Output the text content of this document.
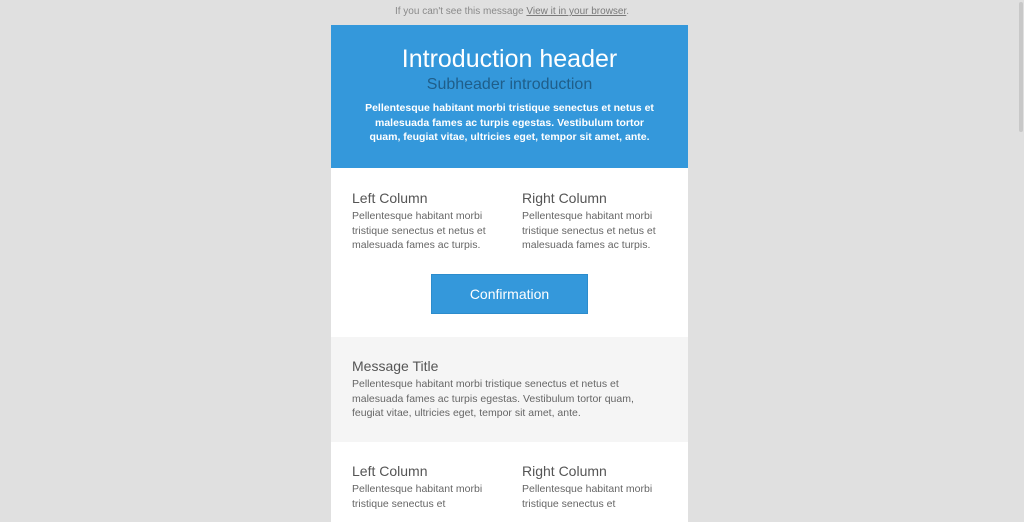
If you can't see this message View it in your browser.
Introduction header
Subheader introduction

Pellentesque habitant morbi tristique senectus et netus et malesuada fames ac turpis egestas. Vestibulum tortor quam, feugiat vitae, ultricies eget, tempor sit amet, ante.

Left Column

Pellentesque habitant morbi tristique senectus et netus et malesuada fames ac turpis.

Right Column

Pellentesque habitant morbi tristique senectus et netus et malesuada fames ac turpis.

Confirmation
Message Title

Pellentesque habitant morbi tristique senectus et netus et malesuada fames ac turpis egestas. Vestibulum tortor quam, feugiat vitae, ultricies eget, tempor sit amet, ante.

Left Column

Pellentesque habitant morbi tristique senectus et

Right Column

Pellentesque habitant morbi tristique senectus et
